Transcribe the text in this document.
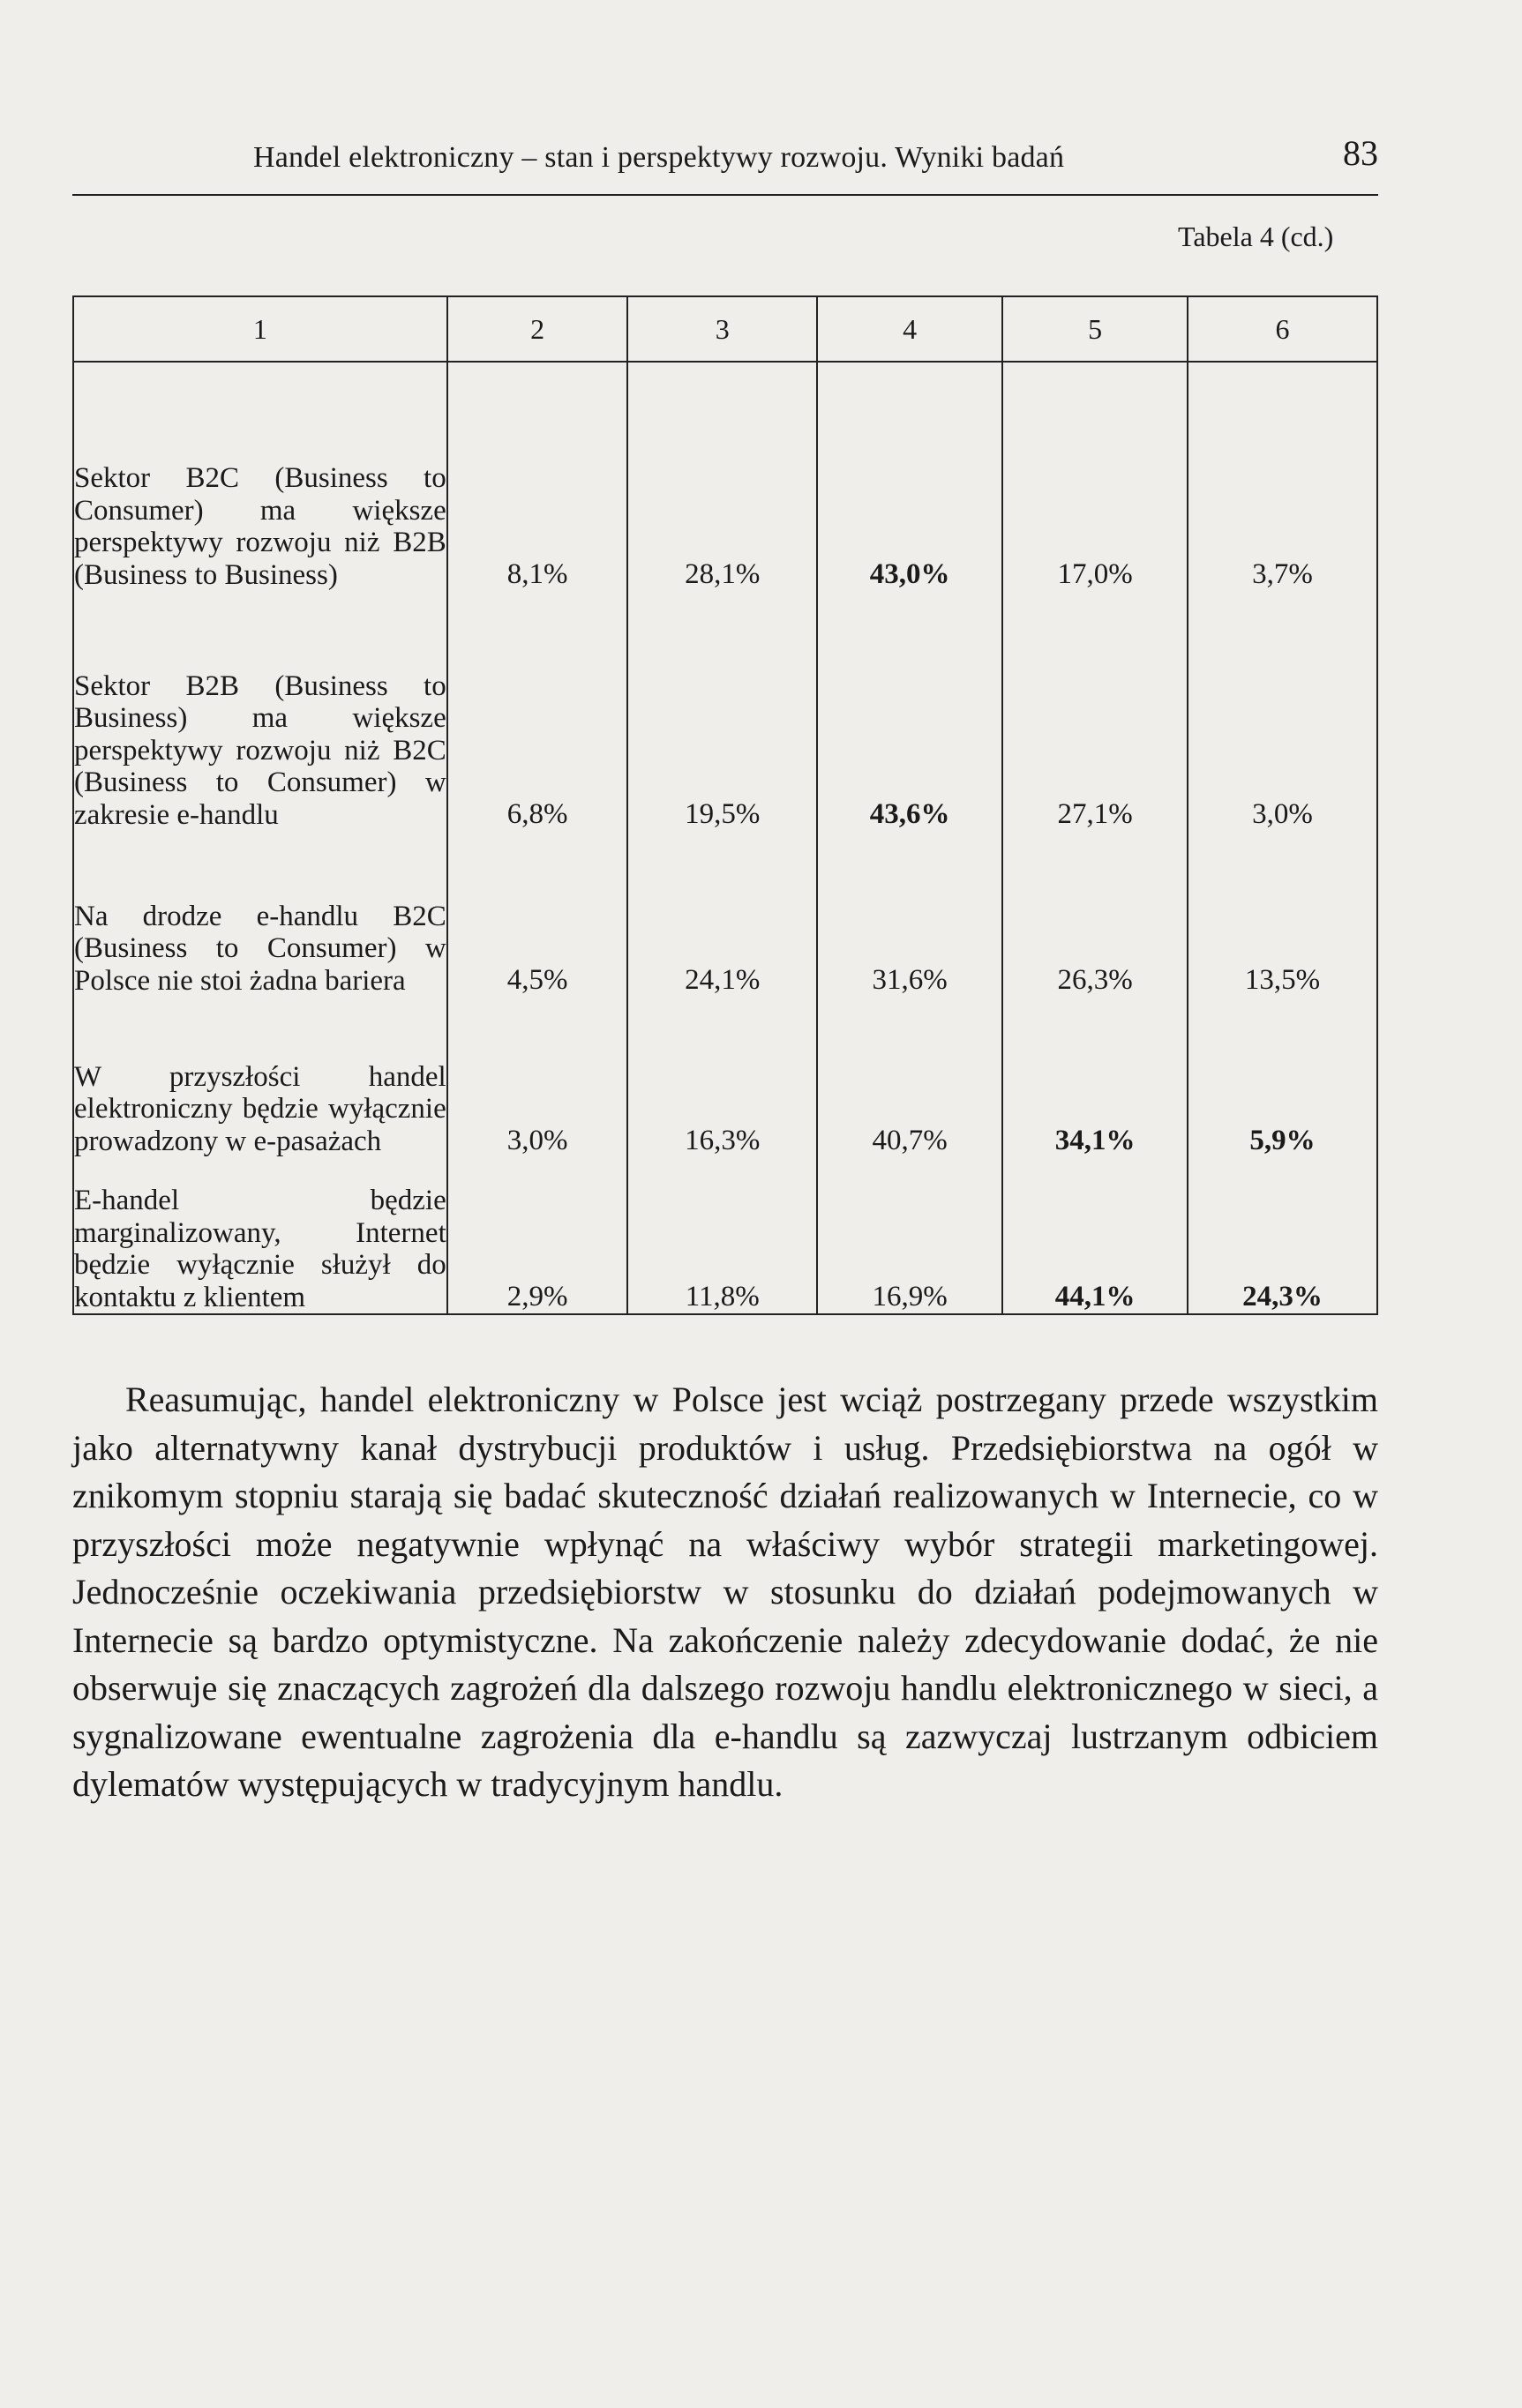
Handel elektroniczny – stan i perspektywy rozwoju. Wyniki badań	83
Tabela 4 (cd.)
1	2	3	4	5	6
Sektor B2C (Business to Consumer) ma większe perspektywy rozwoju niż B2B (Business to Business)	8,1%	28,1%	43,0%	17,0%	3,7%
Sektor B2B (Business to Business) ma większe perspektywy rozwoju niż B2C (Business to Consumer) w zakresie e-handlu	6,8%	19,5%	43,6%	27,1%	3,0%
Na drodze e-handlu B2C (Business to Consumer) w Polsce nie stoi żadna bariera	4,5%	24,1%	31,6%	26,3%	13,5%
W przyszłości handel elektroniczny będzie wyłącznie prowadzony w e-pasażach	3,0%	16,3%	40,7%	34,1%	5,9%
E-handel będzie marginalizowany, Internet będzie wyłącznie służył do kontaktu z klientem	2,9%	11,8%	16,9%	44,1%	24,3%

Reasumując, handel elektroniczny w Polsce jest wciąż postrzegany przede wszystkim jako alternatywny kanał dystrybucji produktów i usług. Przedsiębiorstwa na ogół w znikomym stopniu starają się badać skuteczność działań realizowanych w Internecie, co w przyszłości może negatywnie wpłynąć na właściwy wybór strategii marketingowej. Jednocześnie oczekiwania przedsiębiorstw w stosunku do działań podejmowanych w Internecie są bardzo optymistyczne. Na zakończenie należy zdecydowanie dodać, że nie obserwuje się znaczących zagrożeń dla dalszego rozwoju handlu elektronicznego w sieci, a sygnalizowane ewentualne zagrożenia dla e-handlu są zazwyczaj lustrzanym odbiciem dylematów występujących w tradycyjnym handlu.
